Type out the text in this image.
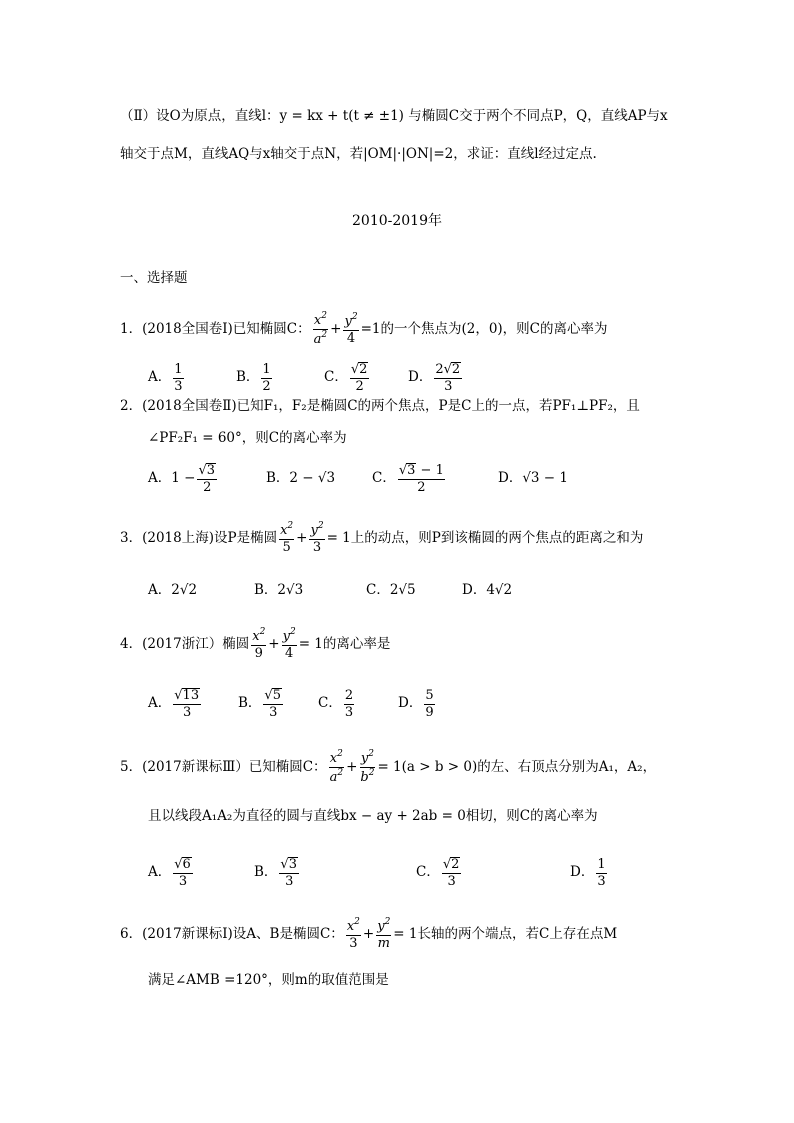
（Ⅱ）设O为原点，直线l：y = kx + t(t ≠ ±1) 与椭圆C交于两个不同点P，Q，直线AP与x
轴交于点M，直线AQ与x轴交于点N，若|OM|·|ON|=2，求证：直线l经过定点.
2010-2019年
一、选择题
1．(2018全国卷Ⅰ)已知椭圆C： $\frac{x^2}{a^2} + \frac{y^2}{4} =1$ 的一个焦点为(2，0)，则C的离心率为
A． $\frac{1}{3}$	B． $\frac{1}{2}$	C． $\frac{√2}{2}$	D． $\frac{2√2}{3}$
2．(2018全国卷Ⅱ)已知F₁，F₂是椭圆C的两个焦点，P是C上的一点，若PF₁⊥PF₂，且
∠PF₂F₁ = 60°，则C的离心率为
A．$1 - \frac{√3}{2}$	B．2 − √3	C． $\frac{√3 - 1}{2}$	D．√3 − 1
3．(2018上海)设P是椭圆 $\frac{x^2}{5} + \frac{y^2}{3} = 1$ 上的动点，则P到该椭圆的两个焦点的距离之和为
A．2√2	B．2√3	C．2√5	D．4√2
4．(2017浙江）椭圆 $\frac{x^2}{9} + \frac{y^2}{4} = 1$ 的离心率是
A． $\frac{√13}{3}$	B． $\frac{√5}{3}$	C． $\frac{2}{3}$	D． $\frac{5}{9}$
5．(2017新课标Ⅲ）已知椭圆C： $\frac{x^2}{a^2} + \frac{y^2}{b^2} = 1$ (a > b > 0)的左、右顶点分别为A₁，A₂，
且以线段A₁A₂为直径的圆与直线bx − ay + 2ab = 0相切，则C的离心率为
A． $\frac{√6}{3}$	B． $\frac{√3}{3}$	C． $\frac{√2}{3}$	D． $\frac{1}{3}$
6．(2017新课标Ⅰ)设A、B是椭圆C： $\frac{x^2}{3} + \frac{y^2}{m} = 1$ 长轴的两个端点，若C上存在点M
满足∠AMB =120°，则m的取值范围是
